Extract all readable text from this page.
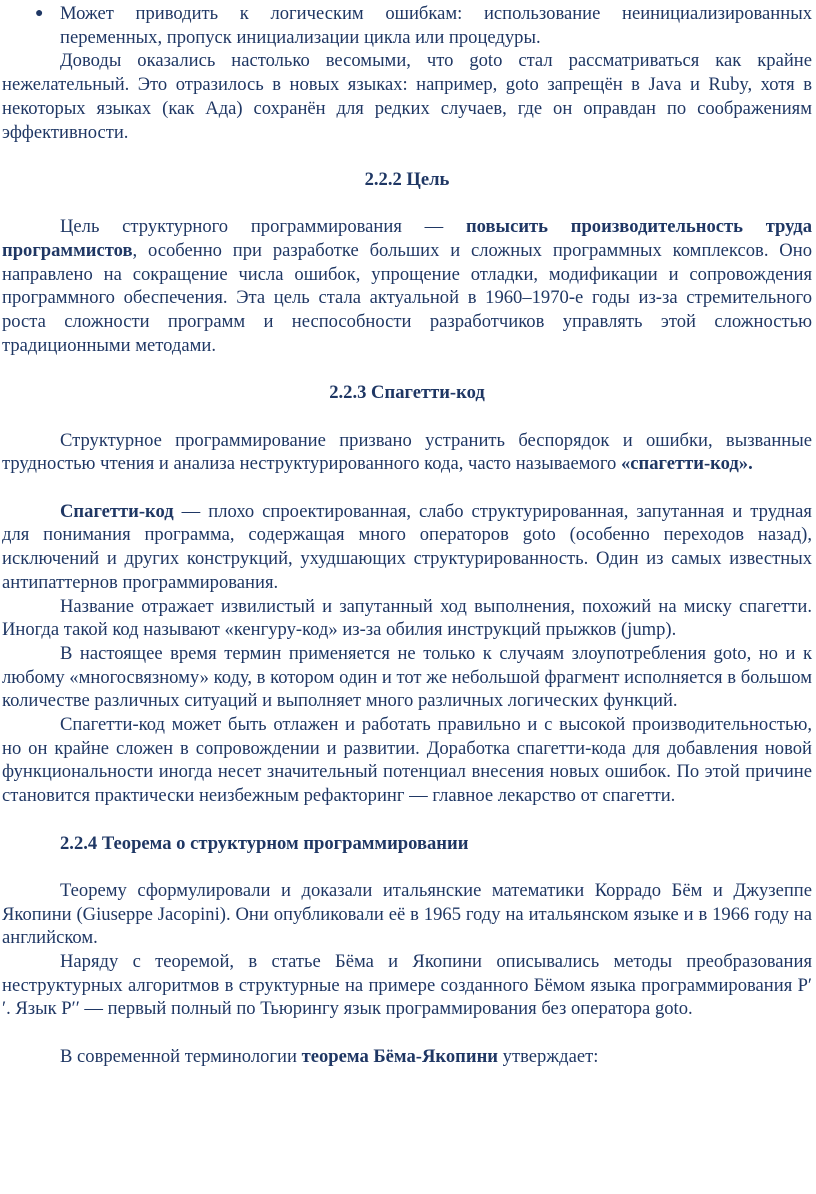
● Может приводить к логическим ошибкам: использование неинициализированных переменных, пропуск инициализации цикла или процедуры.

Доводы оказались настолько весомыми, что goto стал рассматриваться как крайне нежелательный. Это отразилось в новых языках: например, goto запрещён в Java и Ruby, хотя в некоторых языках (как Ада) сохранён для редких случаев, где он оправдан по соображениям эффективности.

2.2.2 Цель

Цель структурного программирования — повысить производительность труда программистов, особенно при разработке больших и сложных программных комплексов. Оно направлено на сокращение числа ошибок, упрощение отладки, модификации и сопровождения программного обеспечения. Эта цель стала актуальной в 1960–1970-е годы из-за стремительного роста сложности программ и неспособности разработчиков управлять этой сложностью традиционными методами.

2.2.3 Спагетти-код

Структурное программирование призвано устранить беспорядок и ошибки, вызванные трудностью чтения и анализа неструктурированного кода, часто называемого «спагетти-код».

Спагетти-код — плохо спроектированная, слабо структурированная, запутанная и трудная для понимания программа, содержащая много операторов goto (особенно переходов назад), исключений и других конструкций, ухудшающих структурированность. Один из самых известных антипаттернов программирования.

Название отражает извилистый и запутанный ход выполнения, похожий на миску спагетти. Иногда такой код называют «кенгуру-код» из-за обилия инструкций прыжков (jump).

В настоящее время термин применяется не только к случаям злоупотребления goto, но и к любому «многосвязному» коду, в котором один и тот же небольшой фрагмент исполняется в большом количестве различных ситуаций и выполняет много различных логических функций.

Спагетти-код может быть отлажен и работать правильно и с высокой производительностью, но он крайне сложен в сопровождении и развитии. Доработка спагетти-кода для добавления новой функциональности иногда несет значительный потенциал внесения новых ошибок. По этой причине становится практически неизбежным рефакторинг — главное лекарство от спагетти.

2.2.4 Теорема о структурном программировании

Теорему сформулировали и доказали итальянские математики Коррадо Бём и Джузеппе Якопини (Giuseppe Jacopini). Они опубликовали её в 1965 году на итальянском языке и в 1966 году на английском.

Наряду с теоремой, в статье Бёма и Якопини описывались методы преобразования неструктурных алгоритмов в структурные на примере созданного Бёмом языка программирования P′′. Язык P′′ — первый полный по Тьюрингу язык программирования без оператора goto.

В современной терминологии теорема Бёма-Якопини утверждает:
